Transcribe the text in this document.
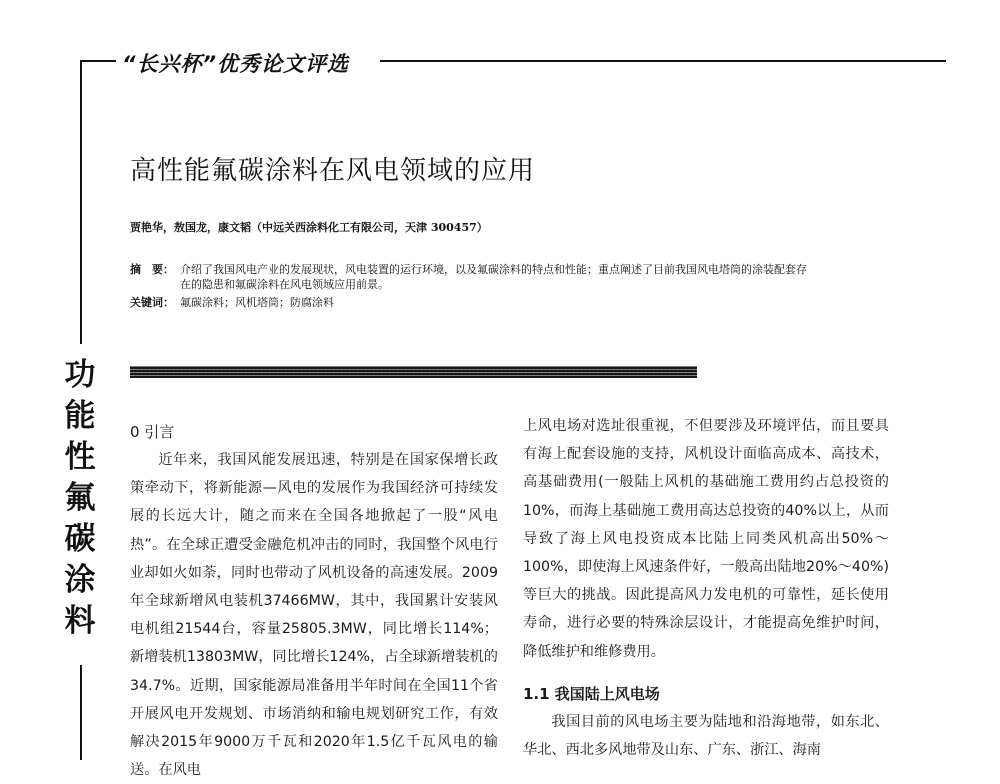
“长兴杯”优秀论文评选
高性能氟碳涂料在风电领域的应用
贾艳华，敖国龙，康文韬（中远关西涂料化工有限公司，天津 300457）
摘　要： 介绍了我国风电产业的发展现状，风电装置的运行环境，以及氟碳涂料的特点和性能；重点阐述了目前我国风电塔筒的涂装配套存在的隐患和氟碳涂料在风电领域应用前景。
关键词： 氟碳涂料；风机塔筒；防腐涂料
功
能
性
氟
碳
涂
料
0 引言

近年来，我国风能发展迅速，特别是在国家保增长政策牵动下，将新能源—风电的发展作为我国经济可持续发展的长远大计，随之而来在全国各地掀起了一股“风电热”。在全球正遭受金融危机冲击的同时，我国整个风电行业却如火如荼，同时也带动了风机设备的高速发展。2009年全球新增风电装机37466MW，其中，我国累计安装风电机组21544台，容量25805.3MW，同比增长114%；新增装机13803MW，同比增长124%，占全球新增装机的34.7%。近期，国家能源局准备用半年时间在全国11个省开展风电开发规划、市场消纳和输电规划研究工作，有效解决2015年9000万千瓦和2020年1.5亿千瓦风电的输送。在风电

上风电场对选址很重视，不但要涉及环境评估，而且要具有海上配套设施的支持，风机设计面临高成本、高技术，高基础费用(一般陆上风机的基础施工费用约占总投资的10%，而海上基础施工费用高达总投资的40%以上，从而导致了海上风电投资成本比陆上同类风机高出50%～100%，即使海上风速条件好，一般高出陆地20%～40%)等巨大的挑战。因此提高风力发电机的可靠性，延长使用寿命，进行必要的特殊涂层设计，才能提高免维护时间，降低维护和维修费用。

1.1 我国陆上风电场

我国目前的风电场主要为陆地和沿海地带，如东北、华北、西北多风地带及山东、广东、浙江、海南
